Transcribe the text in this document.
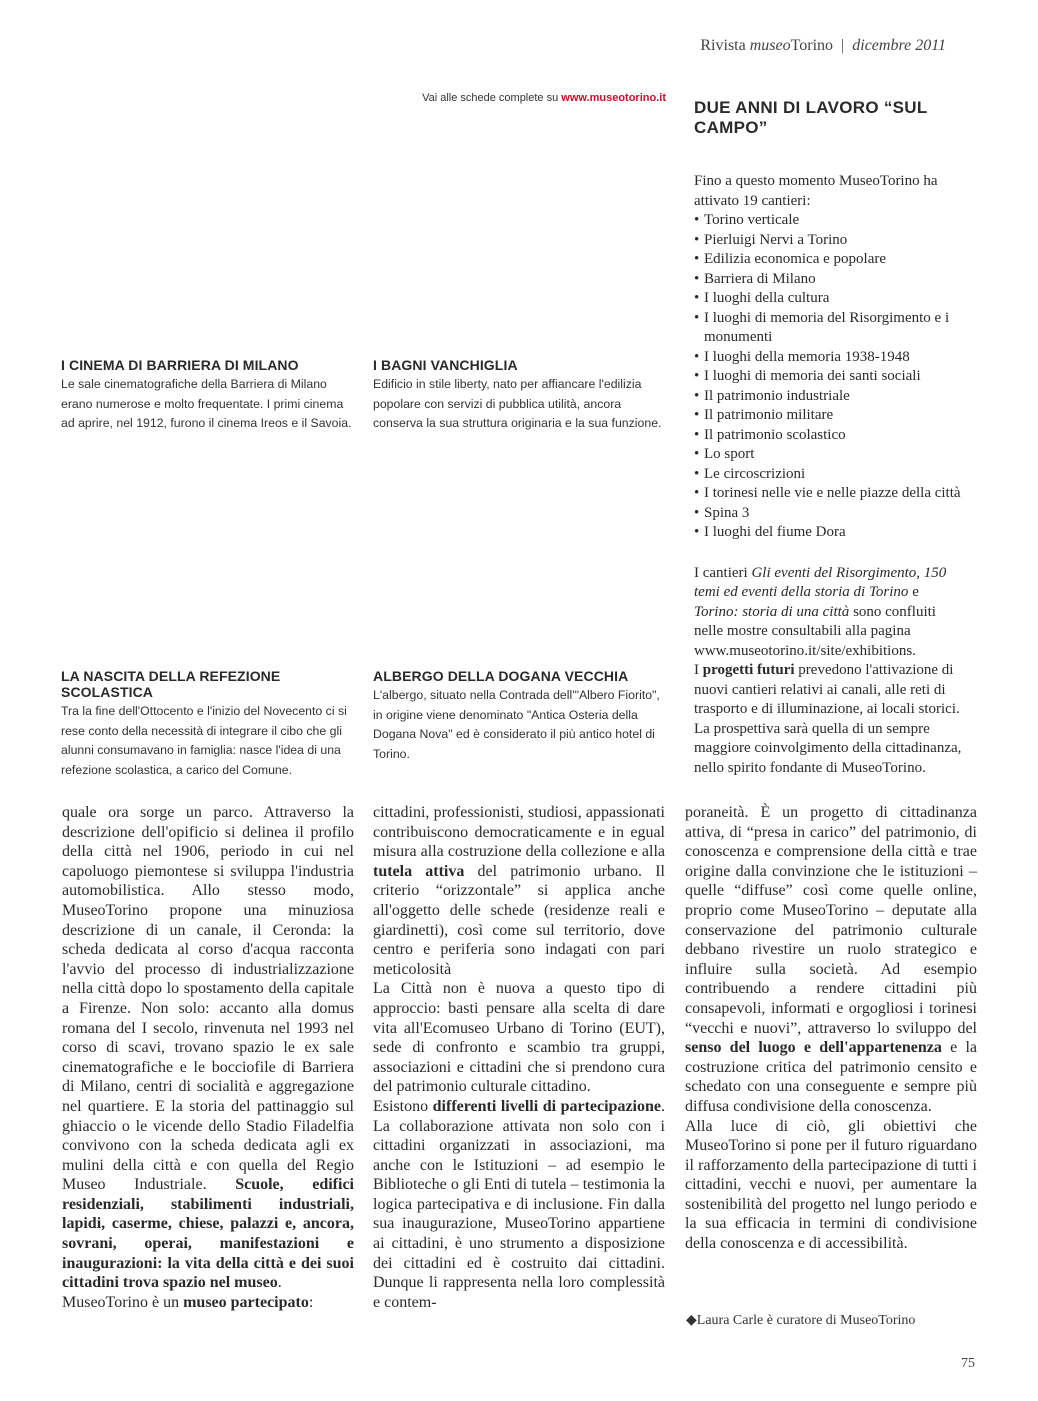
Rivista museoTorino | dicembre 2011
Vai alle schede complete su www.museotorino.it
I CINEMA DI BARRIERA DI MILANO

Le sale cinematografiche della Barriera di Milano erano numerose e molto frequentate. I primi cinema ad aprire, nel 1912, furono il cinema Ireos e il Savoia.

I BAGNI VANCHIGLIA

Edificio in stile liberty, nato per affiancare l'edilizia popolare con servizi di pubblica utilità, ancora conserva la sua struttura originaria e la sua funzione.

LA NASCITA DELLA REFEZIONE SCOLASTICA

Tra la fine dell'Ottocento e l'inizio del Novecento ci si rese conto della necessità di integrare il cibo che gli alunni consumavano in famiglia: nasce l'idea di una refezione scolastica, a carico del Comune.

ALBERGO DELLA DOGANA VECCHIA

L'albergo, situato nella Contrada dell'"Albero Fiorito", in origine viene denominato "Antica Osteria della Dogana Nova" ed è considerato il più antico hotel di Torino.

DUE ANNI DI LAVORO “SUL CAMPO”

Fino a questo momento MuseoTorino ha attivato 19 cantieri:

• Torino verticale
• Pierluigi Nervi a Torino
• Edilizia economica e popolare
• Barriera di Milano
• I luoghi della cultura
• I luoghi di memoria del Risorgimento e i monumenti
• I luoghi della memoria 1938-1948
• I luoghi di memoria dei santi sociali
• Il patrimonio industriale
• Il patrimonio militare
• Il patrimonio scolastico
• Lo sport
• Le circoscrizioni
• I torinesi nelle vie e nelle piazze della città
• Spina 3
• I luoghi del fiume Dora

I cantieri Gli eventi del Risorgimento, 150 temi ed eventi della storia di Torino e Torino: storia di una città sono confluiti nelle mostre consultabili alla pagina www.museotorino.it/site/exhibitions.

I progetti futuri prevedono l'attivazione di nuovi cantieri relativi ai canali, alle reti di trasporto e di illuminazione, ai locali storici. La prospettiva sarà quella di un sempre maggiore coinvolgimento della cittadinanza, nello spirito fondante di MuseoTorino.

quale ora sorge un parco. Attraverso la descrizione dell'opificio si delinea il profilo della città nel 1906, periodo in cui nel capoluogo piemontese si sviluppa l'industria automobilistica. Allo stesso modo, MuseoTorino propone una minuziosa descrizione di un canale, il Ceronda: la scheda dedicata al corso d'acqua racconta l'avvio del processo di industrializzazione nella città dopo lo spostamento della capitale a Firenze. Non solo: accanto alla domus romana del I secolo, rinvenuta nel 1993 nel corso di scavi, trovano spazio le ex sale cinematografiche e le bocciofile di Barriera di Milano, centri di socialità e aggregazione nel quartiere. E la storia del pattinaggio sul ghiaccio o le vicende dello Stadio Filadelfia convivono con la scheda dedicata agli ex mulini della città e con quella del Regio Museo Industriale. Scuole, edifici residenziali, stabilimenti industriali, lapidi, caserme, chiese, palazzi e, ancora, sovrani, operai, manifestazioni e inaugurazioni: la vita della città e dei suoi cittadini trova spazio nel museo.

MuseoTorino è un museo partecipato:

cittadini, professionisti, studiosi, appassionati contribuiscono democraticamente e in egual misura alla costruzione della collezione e alla tutela attiva del patrimonio urbano. Il criterio “orizzontale” si applica anche all'oggetto delle schede (residenze reali e giardinetti), così come sul territorio, dove centro e periferia sono indagati con pari meticolosità

La Città non è nuova a questo tipo di approccio: basti pensare alla scelta di dare vita all'Ecomuseo Urbano di Torino (EUT), sede di confronto e scambio tra gruppi, associazioni e cittadini che si prendono cura del patrimonio culturale cittadino.

Esistono differenti livelli di partecipazione. La collaborazione attivata non solo con i cittadini organizzati in associazioni, ma anche con le Istituzioni – ad esempio le Biblioteche o gli Enti di tutela – testimonia la logica partecipativa e di inclusione. Fin dalla sua inaugurazione, MuseoTorino appartiene ai cittadini, è uno strumento a disposizione dei cittadini ed è costruito dai cittadini. Dunque li rappresenta nella loro complessità e contem-

poraneità. È un progetto di cittadinanza attiva, di “presa in carico” del patrimonio, di conoscenza e comprensione della città e trae origine dalla convinzione che le istituzioni – quelle “diffuse” così come quelle online, proprio come MuseoTorino – deputate alla conservazione del patrimonio culturale debbano rivestire un ruolo strategico e influire sulla società. Ad esempio contribuendo a rendere cittadini più consapevoli, informati e orgogliosi i torinesi “vecchi e nuovi”, attraverso lo sviluppo del senso del luogo e dell'appartenenza e la costruzione critica del patrimonio censito e schedato con una conseguente e sempre più diffusa condivisione della conoscenza.

Alla luce di ciò, gli obiettivi che MuseoTorino si pone per il futuro riguardano il rafforzamento della partecipazione di tutti i cittadini, vecchi e nuovi, per aumentare la sostenibilità del progetto nel lungo periodo e la sua efficacia in termini di condivisione della conoscenza e di accessibilità.

◆Laura Carle è curatore di MuseoTorino
75
